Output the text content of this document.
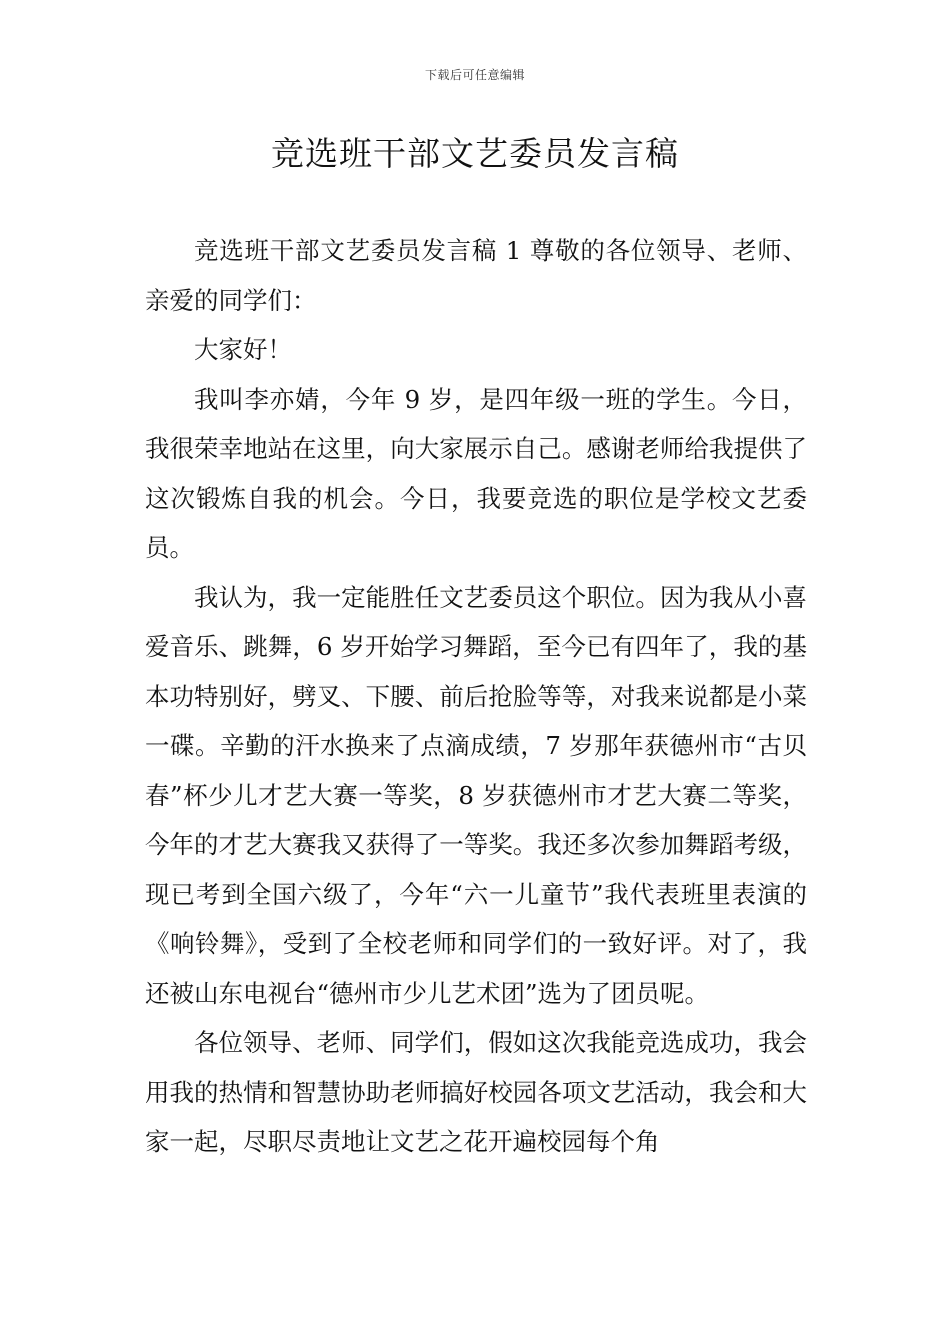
下载后可任意编辑
竞选班干部文艺委员发言稿

竞选班干部文艺委员发言稿 1 尊敬的各位领导、老师、亲爱的同学们：

大家好！

我叫李亦婧，今年 9 岁，是四年级一班的学生。今日，我很荣幸地站在这里，向大家展示自己。感谢老师给我提供了这次锻炼自我的机会。今日，我要竞选的职位是学校文艺委员。

我认为，我一定能胜任文艺委员这个职位。因为我从小喜爱音乐、跳舞，6 岁开始学习舞蹈，至今已有四年了，我的基本功特别好，劈叉、下腰、前后抢脸等等，对我来说都是小菜一碟。辛勤的汗水换来了点滴成绩，7 岁那年获德州市“古贝春”杯少儿才艺大赛一等奖，8 岁获德州市才艺大赛二等奖，今年的才艺大赛我又获得了一等奖。我还多次参加舞蹈考级，现已考到全国六级了，今年“六一儿童节”我代表班里表演的《响铃舞》，受到了全校老师和同学们的一致好评。对了，我还被山东电视台“德州市少儿艺术团”选为了团员呢。

各位领导、老师、同学们，假如这次我能竞选成功，我会用我的热情和智慧协助老师搞好校园各项文艺活动，我会和大家一起，尽职尽责地让文艺之花开遍校园每个角
